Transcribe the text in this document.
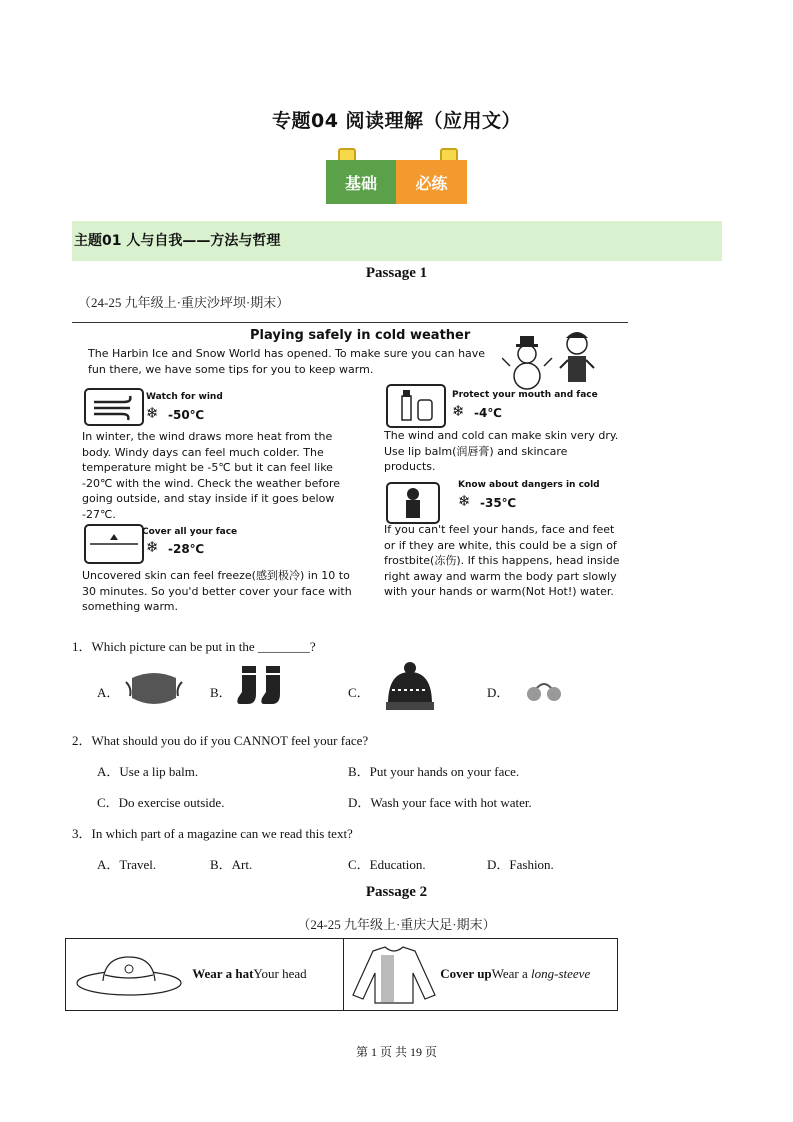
专题04 阅读理解（应用文）
基础	必练
主题01 人与自我——方法与哲理
Passage 1
（24-25 九年级上·重庆沙坪坝·期末）
Playing safely in cold weather
The Harbin Ice and Snow World has opened. To make sure you can have fun there, we have some tips for you to keep warm.
Watch for wind
❄ -50℃
In winter, the wind draws more heat from the body. Windy days can feel much colder. The temperature might be -5℃ but it can feel like -20℃ with the wind. Check the weather before going outside, and stay inside if it goes below -27℃.
Cover all your face
❄ -28℃
Uncovered skin can feel freeze(感到极冷) in 10 to 30 minutes. So you'd better cover your face with something warm.
Protect your mouth and face
❄ -4℃
The wind and cold can make skin very dry. Use lip balm(润唇膏) and skincare products.
Know about dangers in cold
❄ -35℃
If you can't feel your hands, face and feet or if they are white, this could be a sign of frostbite(冻伤). If this happens, head inside right away and warm the body part slowly with your hands or warm(Not Hot!) water.
1．Which picture can be put in the ________?
A．	B．	C．	D．
2．What should you do if you CANNOT feel your face?
A．Use a lip balm.	B．Put your hands on your face.
C．Do exercise outside.	D．Wash your face with hot water.
3．In which part of a magazine can we read this text?
A．Travel.	B．Art.	C．Education.	D．Fashion.
Passage 2
（24-25 九年级上·重庆大足·期末）
Wear a hatYour head	Cover upWear a long-steeve
第 1 页 共 19 页
